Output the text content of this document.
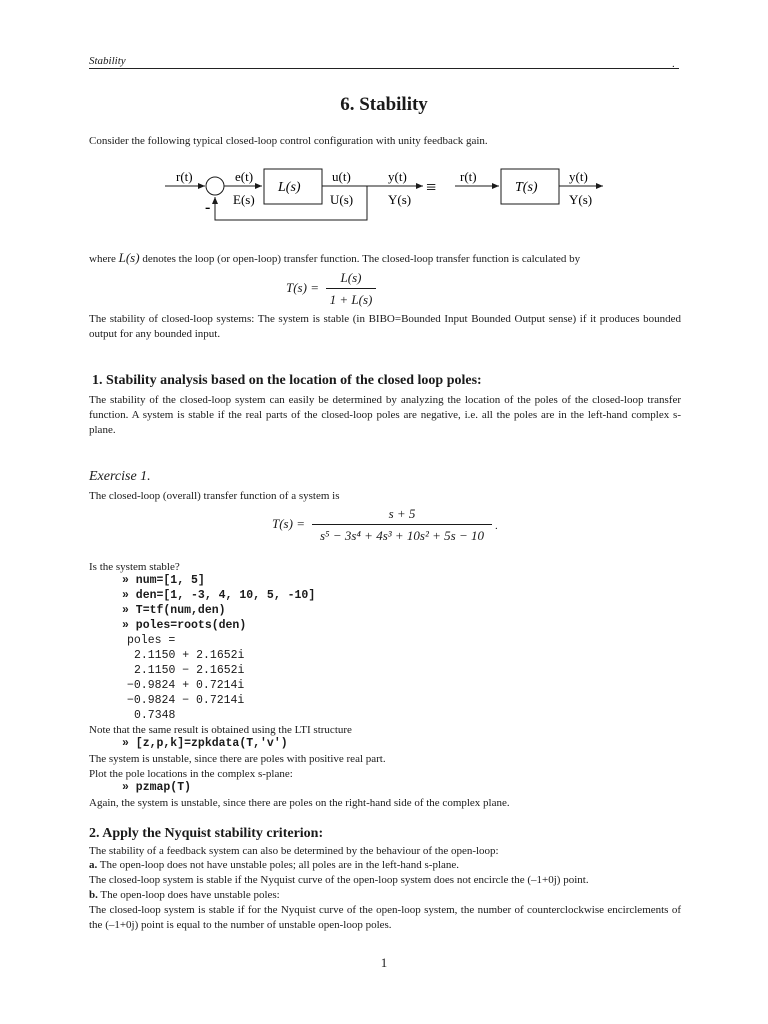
Stability	.
6. Stability
Consider the following typical closed-loop control configuration with unity feedback gain.
r(t)	e(t)
E(s)
-
L(s)
u(t)
U(s)
y(t)
Y(s)
≡
r(t)
T(s)
y(t)
Y(s)
where L(s) denotes the loop (or open-loop) transfer function. The closed-loop transfer function is calculated by
T(s) =
L(s)
1 + L(s)
The stability of closed-loop systems: The system is stable (in BIBO=Bounded Input Bounded Output sense) if it produces bounded output for any bounded input.
1. Stability analysis based on the location of the closed loop poles:
The stability of the closed-loop system can easily be determined by analyzing the location of the poles of the closed-loop transfer function. A system is stable if the real parts of the closed-loop poles are negative, i.e. all the poles are in the left-hand complex s-plane.
Exercise 1.
The closed-loop (overall) transfer function of a system is
T(s) =
s + 5
s⁵ − 3s⁴ + 4s³ + 10s² + 5s − 10
.
Is the system stable?
» num=[1, 5]
» den=[1, -3, 4, 10, 5, -10]
» T=tf(num,den)
» poles=roots(den)
poles =
2.1150 + 2.1652i
2.1150 − 2.1652i
−0.9824 + 0.7214i
−0.9824 − 0.7214i
0.7348
Note that the same result is obtained using the LTI structure
» [z,p,k]=zpkdata(T,'v')
The system is unstable, since there are poles with positive real part.
Plot the pole locations in the complex s-plane:
» pzmap(T)
Again, the system is unstable, since there are poles on the right-hand side of the complex plane.
2. Apply the Nyquist stability criterion:
The stability of a feedback system can also be determined by the behaviour of the open-loop:
a. The open-loop does not have unstable poles; all poles are in the left-hand s-plane.
The closed-loop system is stable if the Nyquist curve of the open-loop system does not encircle the (–1+0j) point.
b. The open-loop does have unstable poles:
The closed-loop system is stable if for the Nyquist curve of the open-loop system, the number of counterclockwise encirclements of the (–1+0j) point is equal to the number of unstable open-loop poles.
1
